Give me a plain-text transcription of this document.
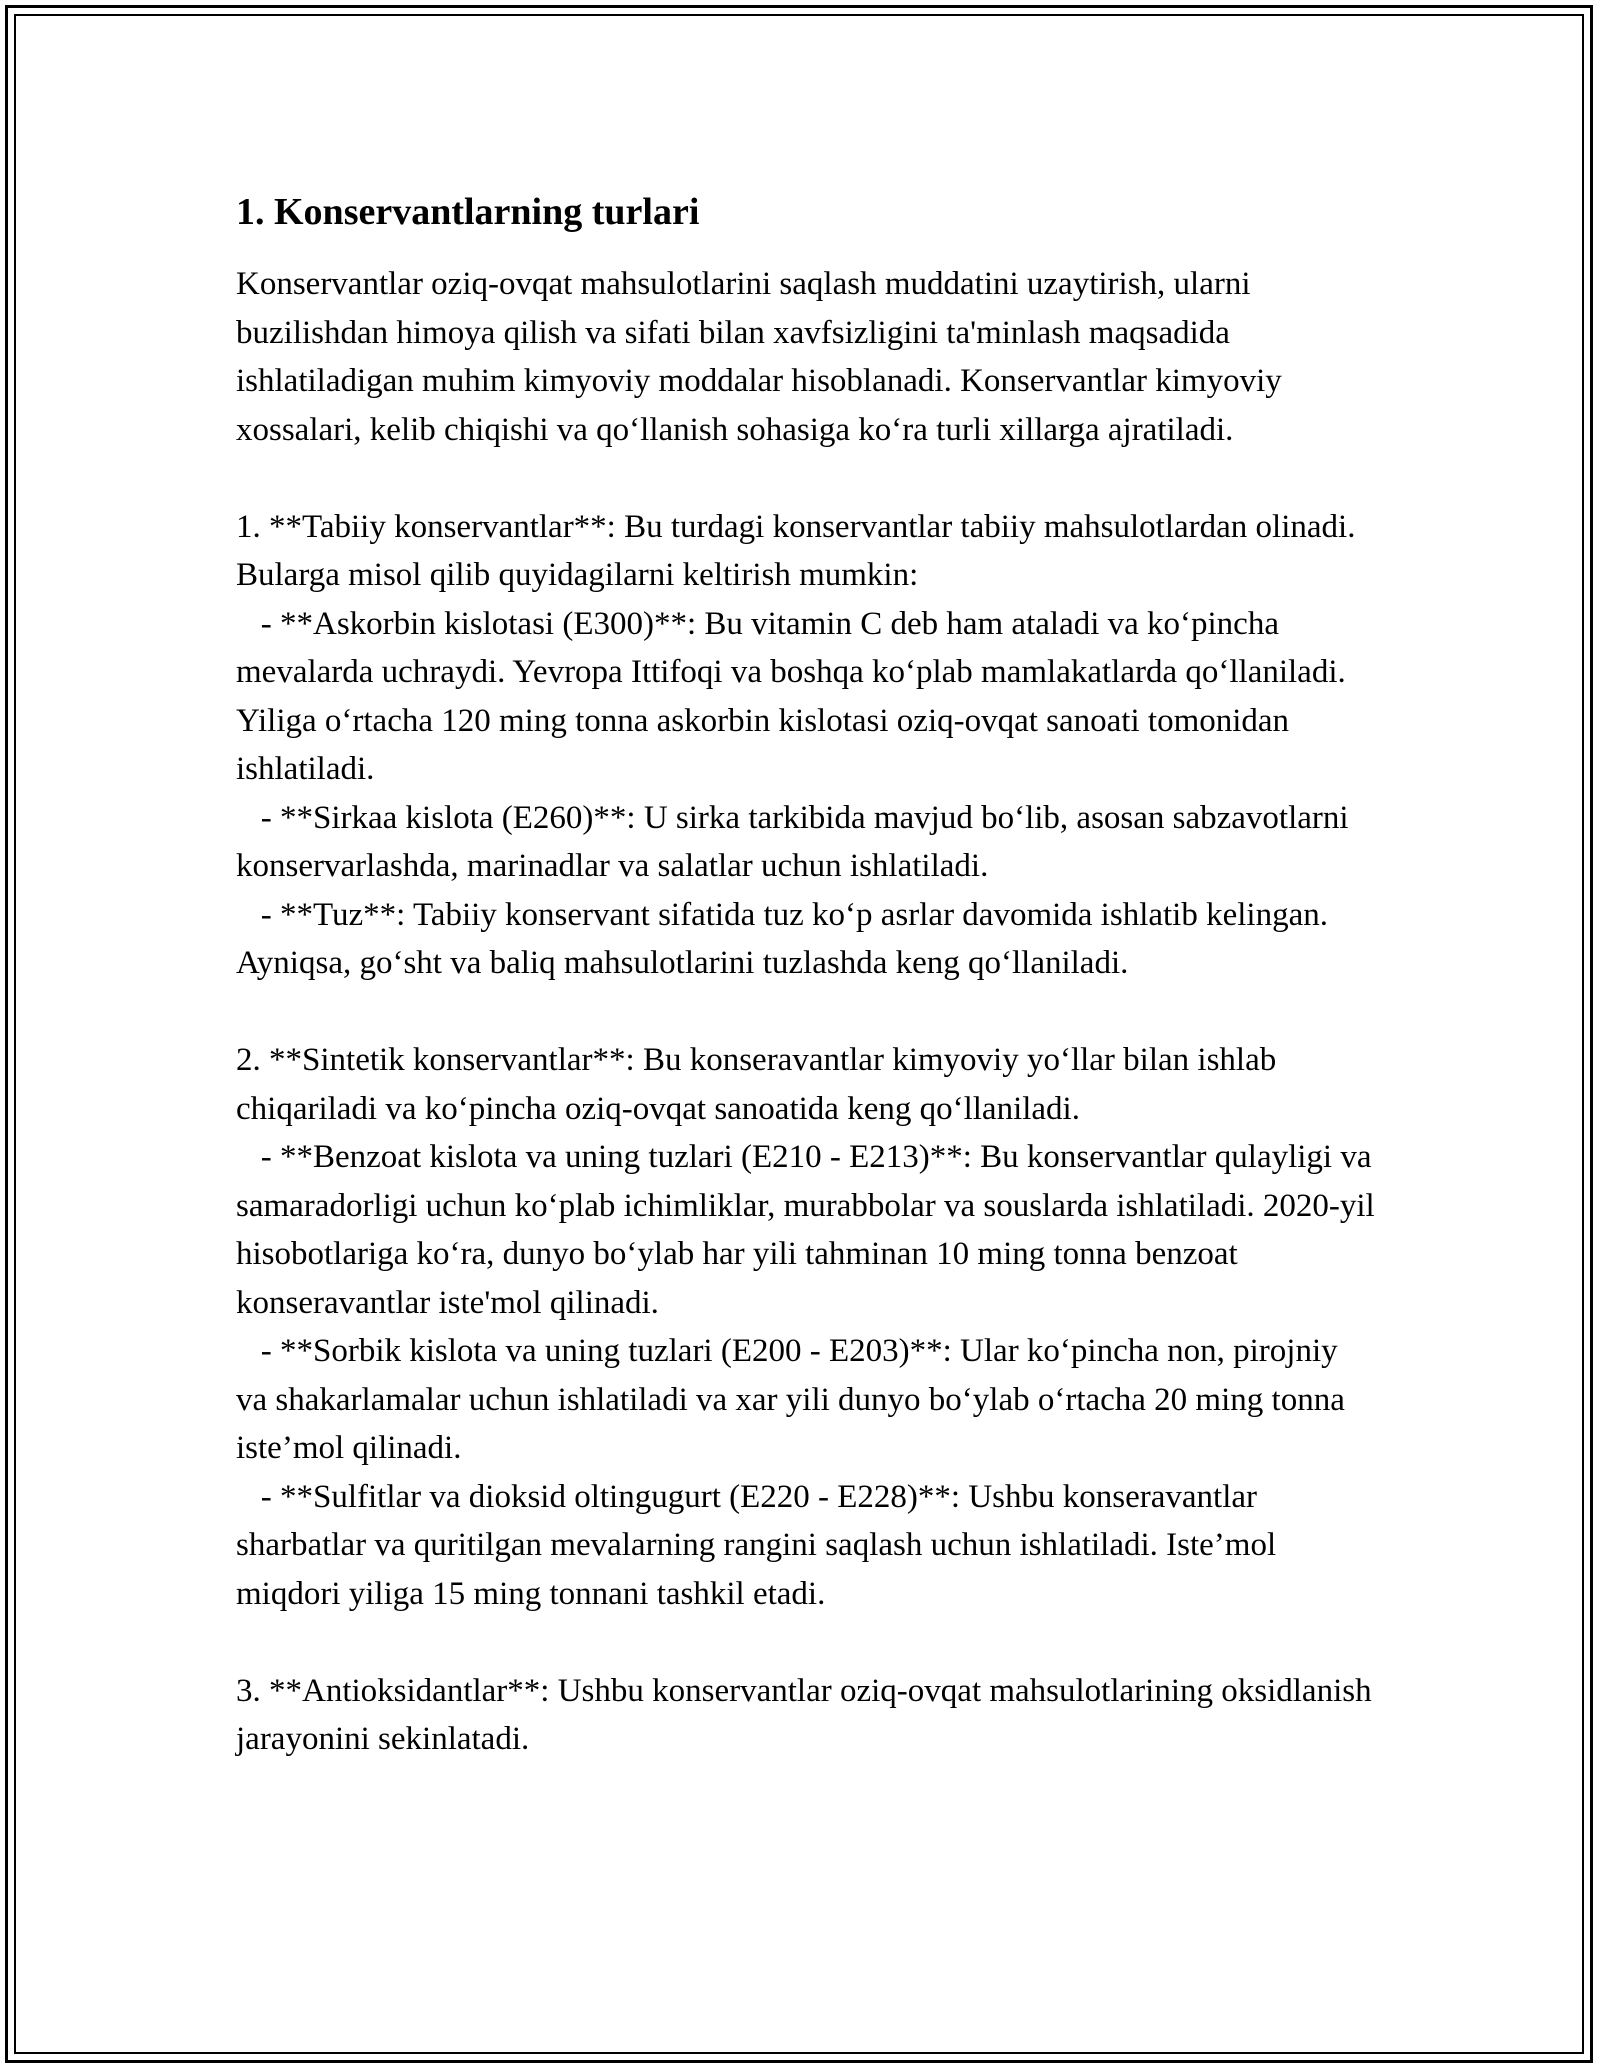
1. Konservantlarning turlari

Konservantlar oziq-ovqat mahsulotlarini saqlash muddatini uzaytirish, ularni buzilishdan himoya qilish va sifati bilan xavfsizligini ta'minlash maqsadida ishlatiladigan muhim kimyoviy moddalar hisoblanadi. Konservantlar kimyoviy xossalari, kelib chiqishi va qoʻllanish sohasiga koʻra turli xillarga ajratiladi.

1. **Tabiiy konservantlar**: Bu turdagi konservantlar tabiiy mahsulotlardan olinadi. Bularga misol qilib quyidagilarni keltirish mumkin:

- **Askorbin kislotasi (E300)**: Bu vitamin C deb ham ataladi va koʻpincha mevalarda uchraydi. Yevropa Ittifoqi va boshqa koʻplab mamlakatlarda qoʻllaniladi. Yiliga oʻrtacha 120 ming tonna askorbin kislotasi oziq-ovqat sanoati tomonidan ishlatiladi.

- **Sirkaa kislota (E260)**: U sirka tarkibida mavjud boʻlib, asosan sabzavotlarni konservarlashda, marinadlar va salatlar uchun ishlatiladi.

- **Tuz**: Tabiiy konservant sifatida tuz koʻp asrlar davomida ishlatib kelingan. Ayniqsa, goʻsht va baliq mahsulotlarini tuzlashda keng qoʻllaniladi.

2. **Sintetik konservantlar**: Bu konseravantlar kimyoviy yoʻllar bilan ishlab chiqariladi va koʻpincha oziq-ovqat sanoatida keng qoʻllaniladi.

- **Benzoat kislota va uning tuzlari (E210 - E213)**: Bu konservantlar qulayligi va samaradorligi uchun koʻplab ichimliklar, murabbolar va souslarda ishlatiladi. 2020-yil hisobotlariga koʻra, dunyo boʻylab har yili tahminan 10 ming tonna benzoat konseravantlar iste'mol qilinadi.

- **Sorbik kislota va uning tuzlari (E200 - E203)**: Ular koʻpincha non, pirojniy va shakarlamalar uchun ishlatiladi va xar yili dunyo boʻylab oʻrtacha 20 ming tonna iste’mol qilinadi.

- **Sulfitlar va dioksid oltingugurt (E220 - E228)**: Ushbu konseravantlar sharbatlar va quritilgan mevalarning rangini saqlash uchun ishlatiladi. Iste’mol miqdori yiliga 15 ming tonnani tashkil etadi.

3. **Antioksidantlar**: Ushbu konservantlar oziq-ovqat mahsulotlarining oksidlanish jarayonini sekinlatadi.
